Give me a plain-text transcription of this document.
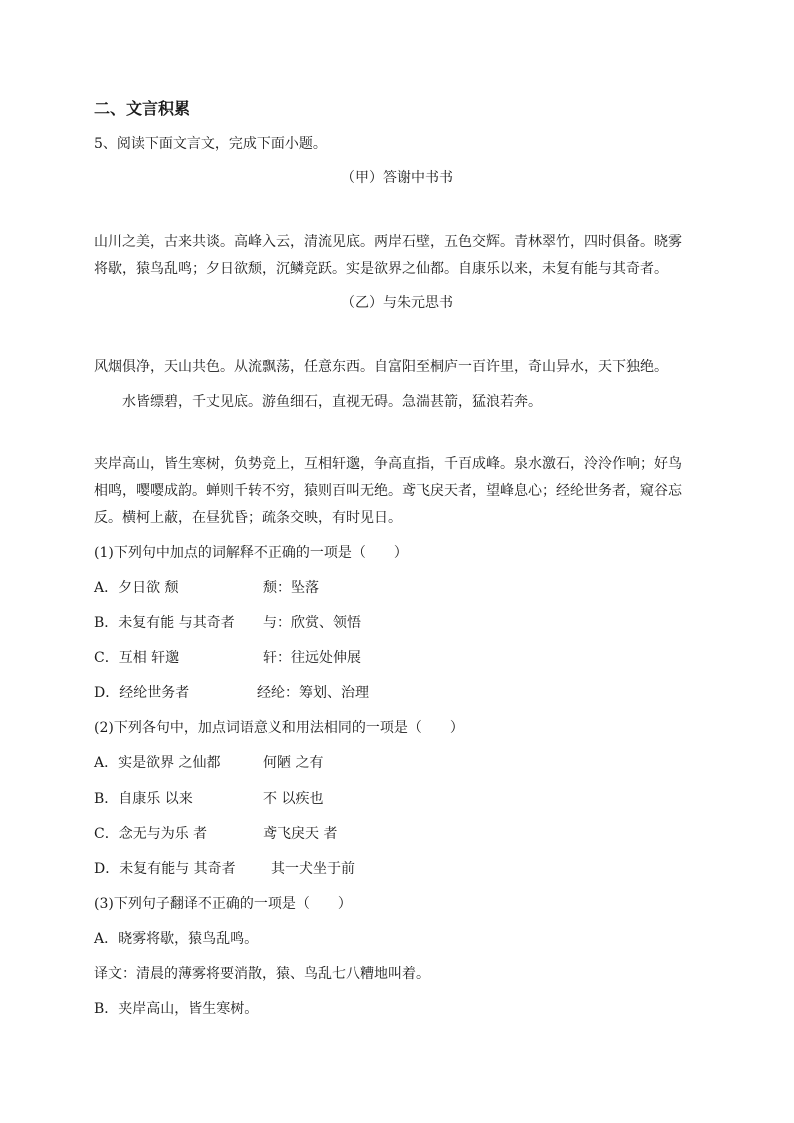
二、文言积累

5、阅读下面文言文，完成下面小题。

（甲）答谢中书书

山川之美，古来共谈。高峰入云，清流见底。两岸石壁，五色交辉。青林翠竹，四时俱备。晓雾

将歇，猿鸟乱鸣；夕日欲颓，沉鳞竞跃。实是欲界之仙都。自康乐以来，未复有能与其奇者。

（乙）与朱元思书

风烟俱净，天山共色。从流飘荡，任意东西。自富阳至桐庐一百许里，奇山异水，天下独绝。

水皆缥碧，千丈见底。游鱼细石，直视无碍。急湍甚箭，猛浪若奔。

夹岸高山，皆生寒树，负势竞上，互相轩邈，争高直指，千百成峰。泉水激石，泠泠作响；好鸟

相鸣，嘤嘤成韵。蝉则千转不穷，猿则百叫无绝。鸢飞戾天者，望峰息心；经纶世务者，窥谷忘

反。横柯上蔽，在昼犹昏；疏条交映，有时见日。

(1)下列句中加点的词解释不正确的一项是（　　）

A．夕日欲 颓	颓：坠落

B．未复有能 与其奇者 与：欣赏、领悟

C．互相 轩邈	轩：往远处伸展

D．经纶世务者	经纶：筹划、治理

(2)下列各句中，加点词语意义和用法相同的一项是（　　）

A．实是欲界 之仙都	何陋 之有

B．自康乐 以来	不 以疾也

C．念无与为乐 者	鸢飞戾天 者

D．未复有能与 其奇者	其一犬坐于前

(3)下列句子翻译不正确的一项是（　　）

A．晓雾将歇，猿鸟乱鸣。

译文：清晨的薄雾将要消散，猿、鸟乱七八糟地叫着。

B．夹岸高山，皆生寒树。
